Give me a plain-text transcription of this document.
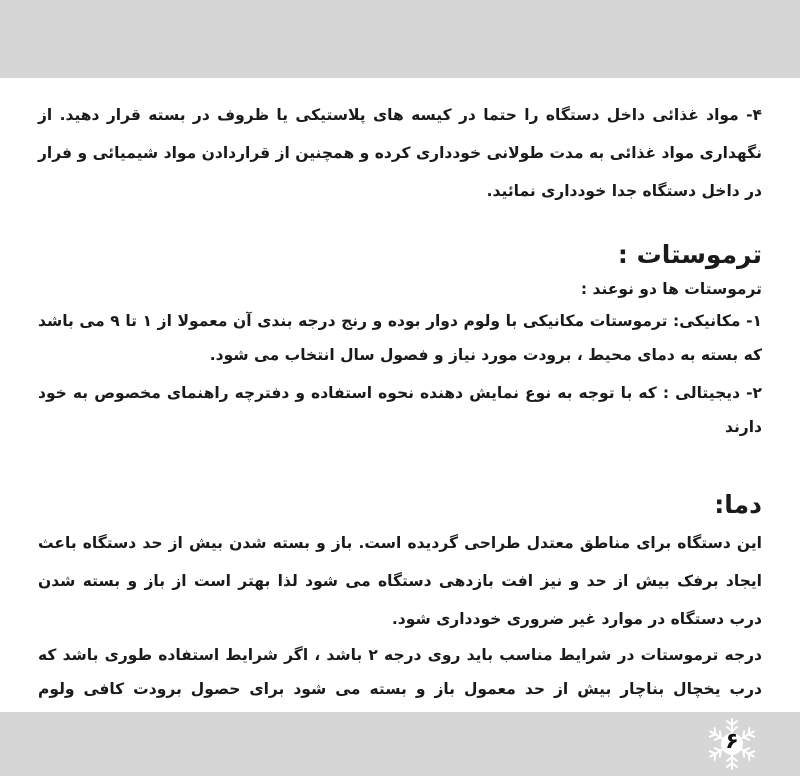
۴- مواد غذائی داخل دستگاه را حتما در کیسه های پلاستیکی یا ظروف در بسته قرار دهید. از نگهداری مواد غذائی به مدت طولانی خودداری کرده و همچنین از قراردادن مواد شیمیائی و فرار در داخل دستگاه جدا خودداری نمائید.

ترموستات :

ترموستات ها دو نوعند :

۱- مکانیکی: ترموستات مکانیکی با ولوم دوار بوده و رنج درجه بندی آن معمولا از ۱ تا ۹ می باشد که بسته به دمای محیط ، برودت مورد نیاز و فصول سال انتخاب می شود.

۲- دیجیتالی : که با توجه به نوع نمایش دهنده نحوه استفاده و دفترچه راهنمای مخصوص به خود دارند

دما:

این دستگاه برای مناطق معتدل طراحی گردیده است. باز و بسته شدن بیش از حد دستگاه باعث ایجاد برفک بیش از حد و نیز افت بازدهی دستگاه می شود لذا بهتر است از باز و بسته شدن درب دستگاه در موارد غیر ضروری خودداری شود.

درجه ترموستات در شرایط مناسب باید روی درجه ۲ باشد ، اگر شرایط استفاده طوری باشد که درب یخچال بناچار بیش از حد معمول باز و بسته می شود برای حصول برودت کافی ولوم

۶
